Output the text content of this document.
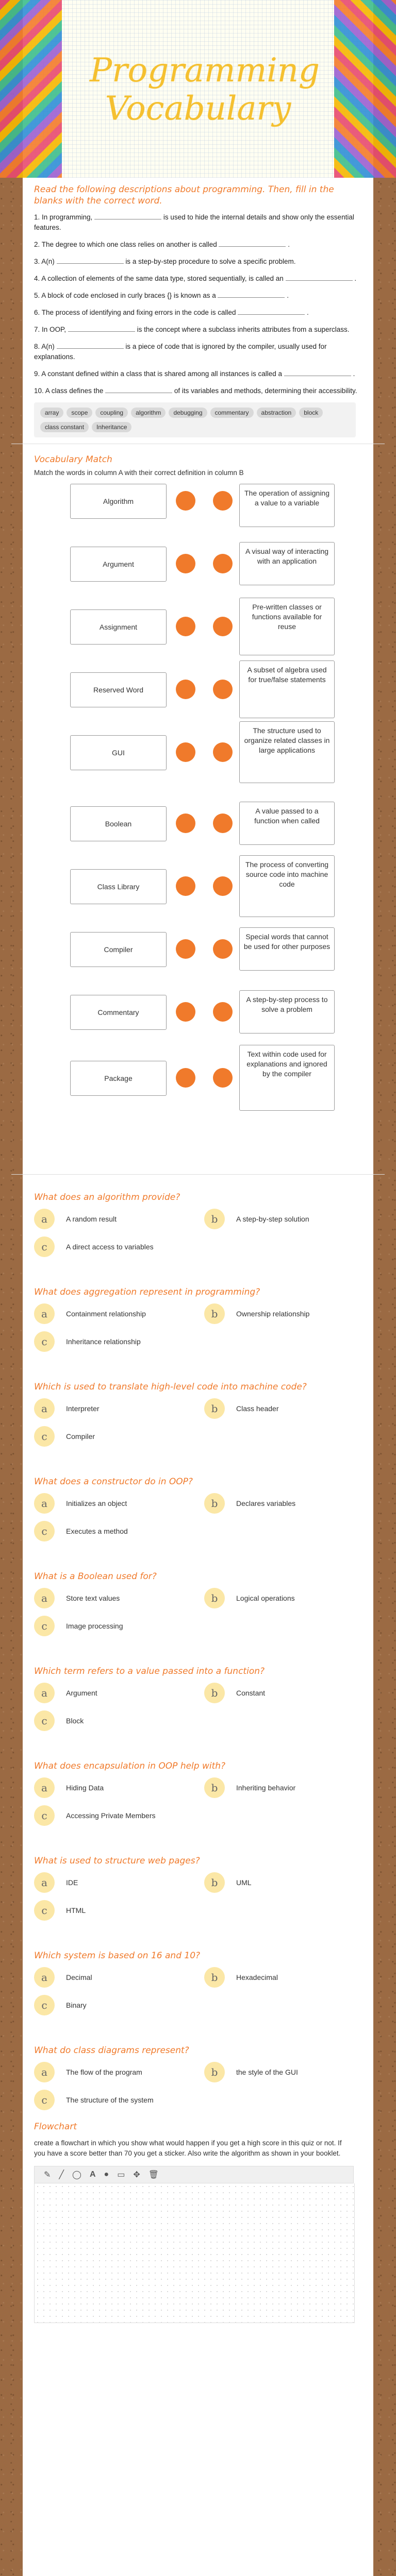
Programming Vocabulary
Read the following descriptions about programming. Then, fill in the blanks with the correct word.
1. In programming,	is used to hide the internal details and show only the essential features.
2. The degree to which one class relies on another is called	.
3. A(n)	is a step-by-step procedure to solve a specific problem.
4. A collection of elements of the same data type, stored sequentially, is called an	.
5. A block of code enclosed in curly braces {} is known as a	.
6. The process of identifying and fixing errors in the code is called	.
7. In OOP,	is the concept where a subclass inherits attributes from a superclass.
8. A(n)	is a piece of code that is ignored by the compiler, usually used for explanations.
9. A constant defined within a class that is shared among all instances is called a	.
10. A class defines the	of its variables and methods, determining their accessibility.
array	scope	coupling	algorithm	debugging	commentary	abstraction	block
class constant	Inheritance
Vocabulary Match
Match the words in column A with their correct definition in column B
Algorithm
The operation of assigning a value to a variable
Argument
A visual way of interacting with an application
Assignment
Pre-written classes or functions available for reuse
Reserved Word
A subset of algebra used for true/false statements
GUI
The structure used to organize related classes in large applications
Boolean
A value passed to a function when called
Class Library
The process of converting source code into machine code
Compiler
Special words that cannot be used for other purposes
Commentary
A step-by-step process to solve a problem
Package
Text within code used for explanations and ignored by the compiler
What does an algorithm provide?
a	A random result	b	A step-by-step solution
c	A direct access to variables
What does aggregation represent in programming?
a	Containment relationship	b	Ownership relationship
c	Inheritance relationship
Which is used to translate high-level code into machine code?
a	Interpreter	b	Class header
c	Compiler
What does a constructor do in OOP?
a	Initializes an object	b	Declares variables
c	Executes a method
What is a Boolean used for?
a	Store text values	b	Logical operations
c	Image processing
Which term refers to a value passed into a function?
a	Argument	b	Constant
c	Block
What does encapsulation in OOP help with?
a	Hiding Data	b	Inheriting behavior
c	Accessing Private Members
What is used to structure web pages?
a	IDE	b	UML
c	HTML
Which system is based on 16 and 10?
a	Decimal	b	Hexadecimal
c	Binary
What do class diagrams represent?
a	The flow of the program	b	the style of the GUI
c	The structure of the system
Flowchart
create a flowchart in which you show what would happen if you get a high score in this quiz or not. If you have a score better than 70 you get a sticker. Also write the algorithm as shown in your booklet.
✎ ╱ ◯ A ● ▭ ✥ 🗑
